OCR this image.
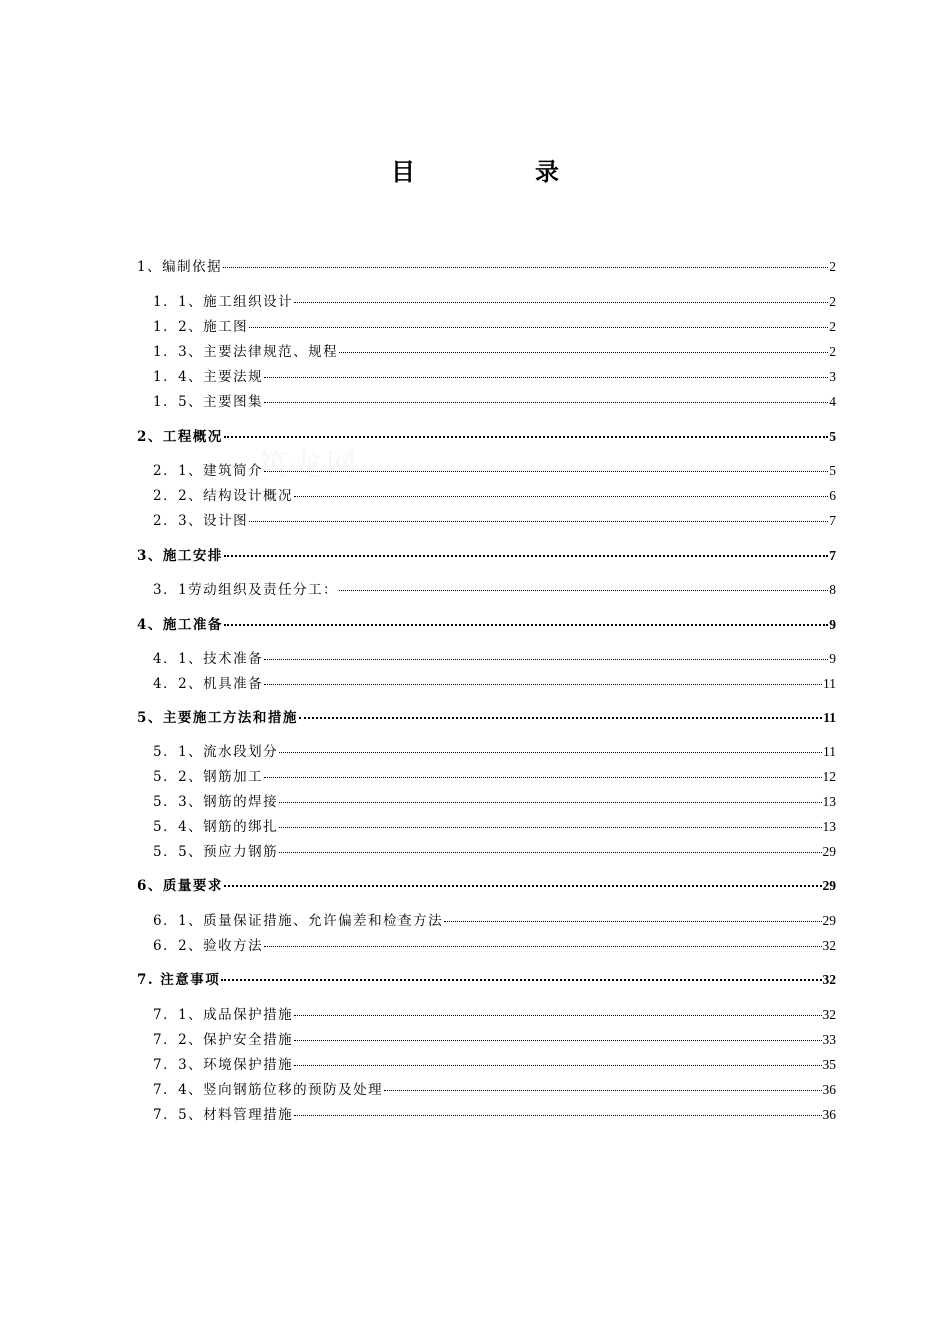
目	录
1、编制依据	2
1．1、施工组织设计	2
1．2、施工图	2
1．3、主要法律规范、规程	2
1．4、主要法规	3
1．5、主要图集	4
2、工程概况	5
2．1、建筑简介	5
2．2、结构设计概况	6
2．3、设计图	7
3、施工安排	7
3．1劳动组织及责任分工：	8
4、施工准备	9
4．1、技术准备	9
4．2、机具准备	11
5、主要施工方法和措施	11
5．1、流水段划分	11
5．2、钢筋加工	12
5．3、钢筋的焊接	13
5．4、钢筋的绑扎	13
5．5、预应力钢筋	29
6、质量要求	29
6．1、质量保证措施、允许偏差和检查方法	29
6．2、验收方法	32
7. 注意事项	32
7．1、成品保护措施	32
7．2、保护安全措施	33
7．3、环境保护措施	35
7．4、竖向钢筋位移的预防及处理	36
7．5、材料管理措施	36
